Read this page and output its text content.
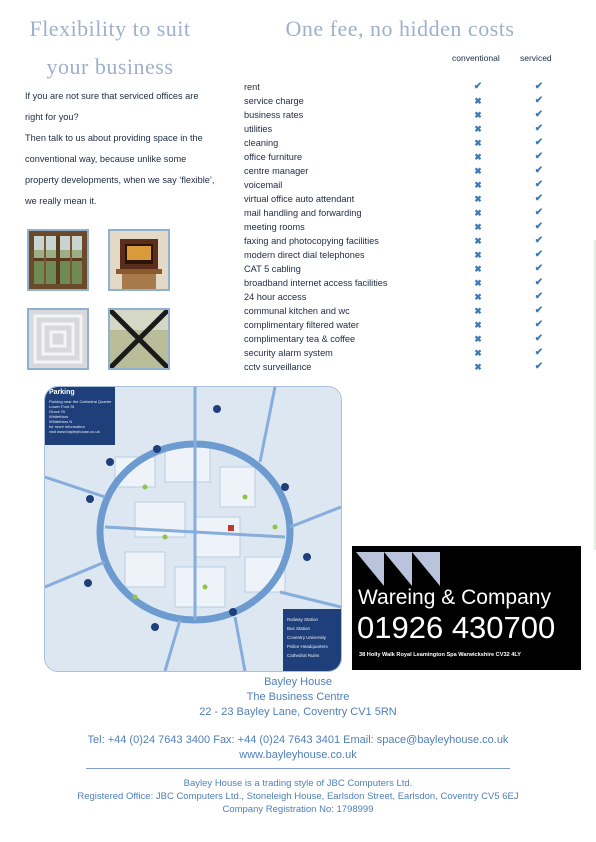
Flexibility to suit your business
One fee, no hidden costs

If you are not sure that serviced offices are right for you?

Then talk to us about providing space in the conventional way, because unlike some property developments, when we say ‘flexible’, we really mean it.

conventional serviced
rent	✔	✔
service charge	✖	✔
business rates	✖	✔
utilities	✖	✔
cleaning	✖	✔
office furniture	✖	✔
centre manager	✖	✔
voicemail	✖	✔
virtual office auto attendant	✖	✔
mail handling and forwarding	✖	✔
meeting rooms	✖	✔
faxing and photocopying facilities	✖	✔
modern direct dial telephones	✖	✔
CAT 5 cabling	✖	✔
broadband internet access facilities	✖	✔
24 hour access	✖	✔
communal kitchen and wc	✖	✔
complimentary filtered water	✖	✔
complimentary tea & coffee	✖	✔
security alarm system	✖	✔
cctv surveillance	✖	✔
Parking
Parking near the Cathedral Quarter
Lower Ford St
Grove St
Whitefriars
Whitefriars N
for more information
visit www.bayleyhouse.co.uk
Railway Station
Bus Station
Coventry University
Police Headquarters
Cathedral Ruins
Wareing & Company
01926 430700
38 Holly Walk Royal Leamington Spa Warwickshire CV32 4LY
Bayley House
The Business Centre
22 - 23 Bayley Lane, Coventry CV1 5RN
Tel: +44 (0)24 7643 3400 Fax: +44 (0)24 7643 3401 Email: space@bayleyhouse.co.uk
www.bayleyhouse.co.uk
Bayley House is a trading style of JBC Computers Ltd.
Registered Office: JBC Computers Ltd., Stoneleigh House, Earlsdon Street, Earlsdon, Coventry CV5 6EJ
Company Registration No: 1798999
